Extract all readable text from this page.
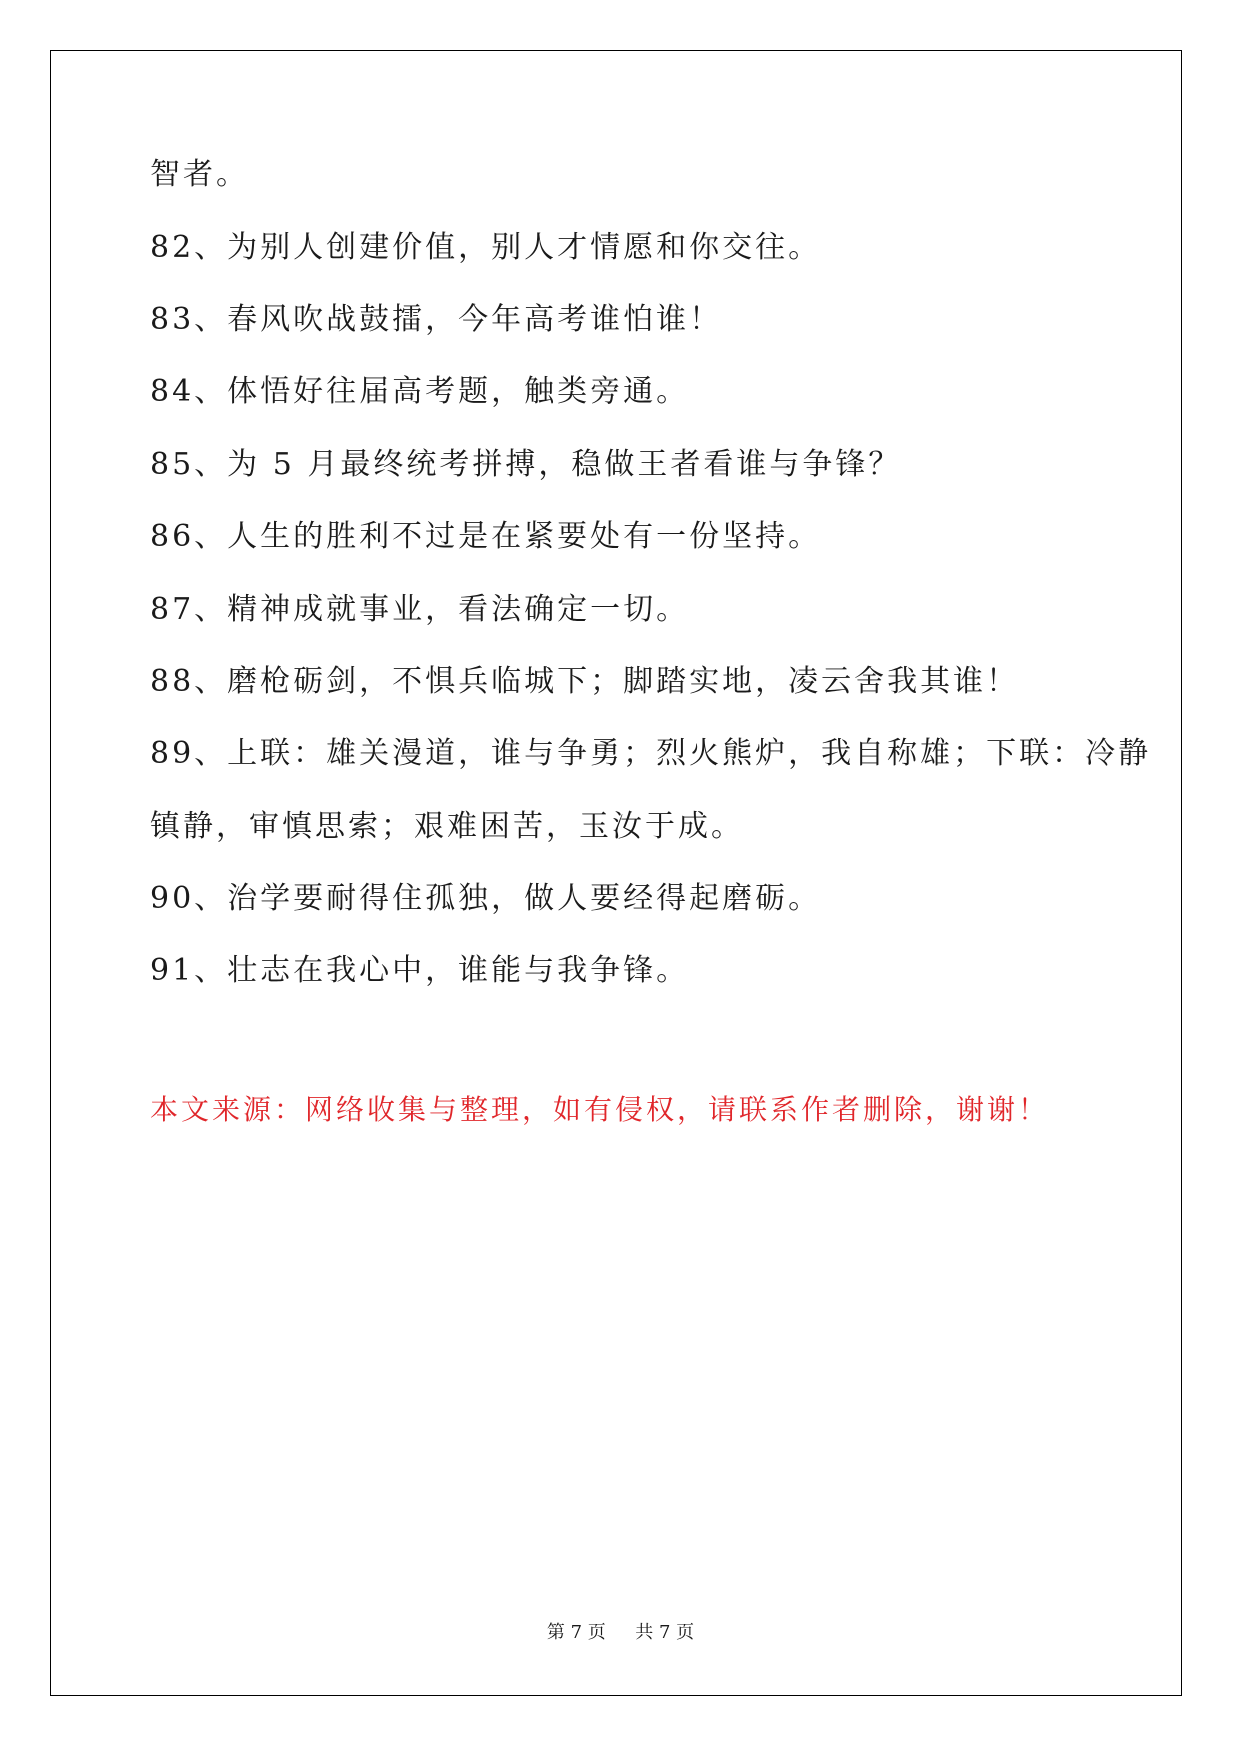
智者。
82、为别人创建价值，别人才情愿和你交往。
83、春风吹战鼓擂，今年高考谁怕谁！
84、体悟好往届高考题，触类旁通。
85、为 5 月最终统考拼搏，稳做王者看谁与争锋？
86、人生的胜利不过是在紧要处有一份坚持。
87、精神成就事业，看法确定一切。
88、磨枪砺剑，不惧兵临城下；脚踏实地，凌云舍我其谁！
89、上联：雄关漫道，谁与争勇；烈火熊炉，我自称雄；下联：冷静
镇静，审慎思索；艰难困苦，玉汝于成。
90、治学要耐得住孤独，做人要经得起磨砺。
91、壮志在我心中，谁能与我争锋。
本文来源：网络收集与整理，如有侵权，请联系作者删除，谢谢！
第 7 页 共 7 页
